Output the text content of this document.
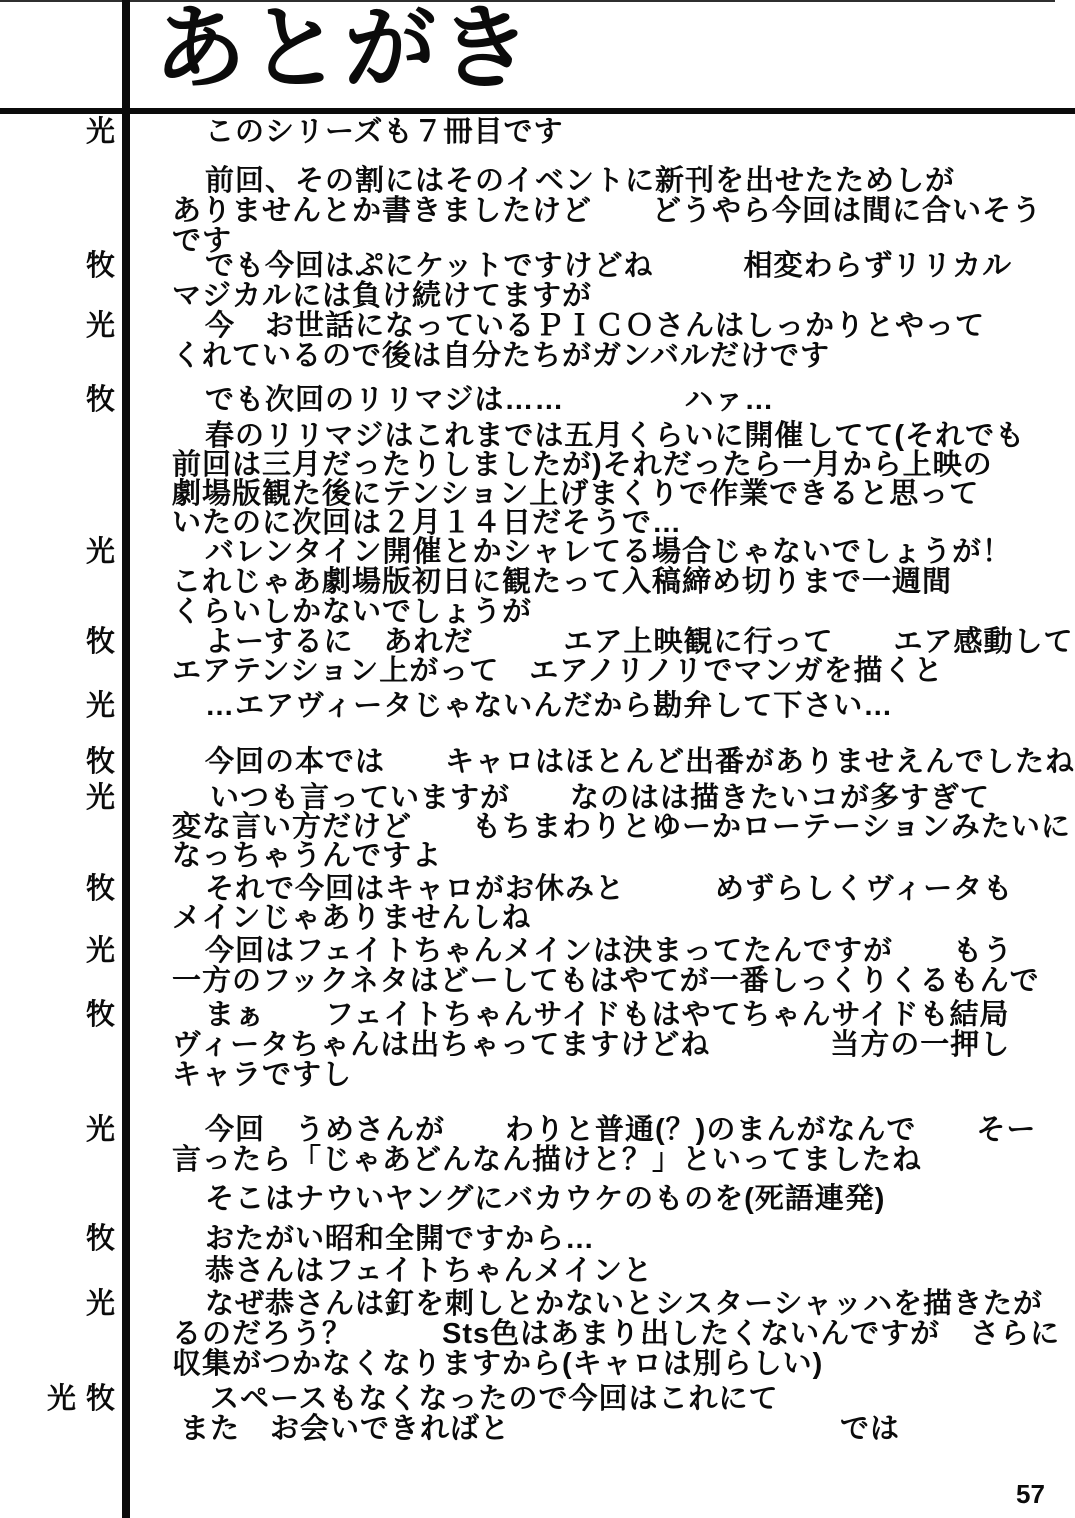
あとがき
光
牧
光
牧
光
牧
光
牧
光
牧
光
牧
光
牧
光
光 牧
このシリーズも７冊目です
前回、その割にはそのイベントに新刊を出せたためしが
ありませんとか書きましたけど　　どうやら今回は間に合いそう
です
でも今回はぷにケットですけどね　　　相変わらずリリカル
マジカルには負け続けてますが
今　お世話になっているＰＩＣＯさんはしっかりとやって
くれているので後は自分たちがガンバルだけです
でも次回のリリマジは……　　　　ハァ…
春のリリマジはこれまでは五月くらいに開催してて(それでも
前回は三月だったりしましたが)それだったら一月から上映の
劇場版観た後にテンション上げまくりで作業できると思って
いたのに次回は２月１４日だそうで…
バレンタイン開催とかシャレてる場合じゃないでしょうが！
これじゃあ劇場版初日に観たって入稿締め切りまで一週間
くらいしかないでしょうが
よーするに　あれだ　　　エア上映観に行って　　エア感動して
エアテンション上がって　エアノリノリでマンガを描くと
…エアヴィータじゃないんだから勘弁して下さい…
今回の本では　　キャロはほとんど出番がありませえんでしたね
いつも言っていますが　　なのはは描きたいコが多すぎて
変な言い方だけど　　もちまわりとゆーかローテーションみたいに
なっちゃうんですよ
それで今回はキャロがお休みと　　　めずらしくヴィータも
メインじゃありませんしね
今回はフェイトちゃんメインは決まってたんですが　　もう
一方のフックネタはどーしてもはやてが一番しっくりくるもんで
まぁ　　フェイトちゃんサイドもはやてちゃんサイドも結局
ヴィータちゃんは出ちゃってますけどね　　　　当方の一押し
キャラですし
今回　うめさんが　　わりと普通(？)のまんがなんで　　そー
言ったら「じゃあどんなん描けと？」といってましたね
そこはナウいヤングにバカウケのものを(死語連発)
おたがい昭和全開ですから…
恭さんはフェイトちゃんメインと
なぜ恭さんは釘を刺しとかないとシスターシャッハを描きたが
るのだろう？　　　Sts色はあまり出したくないんですが　さらに
収集がつかなくなりますから(キャロは別らしい)
スペースもなくなったので今回はこれにて
また　お会いできればと　　　　　　　　　　　では
57
